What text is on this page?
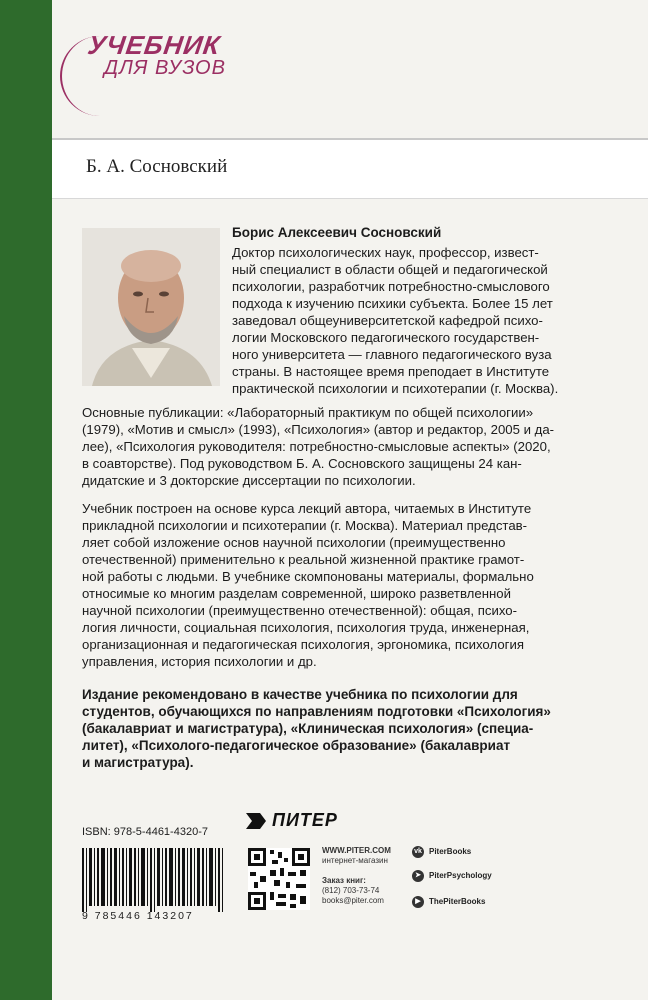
УЧЕБНИК
ДЛЯ ВУЗОВ
Б. А. Сосновский
Борис Алексеевич Сосновский
Доктор психологических наук, профессор, извест-
ный специалист в области общей и педагогической
психологии, разработчик потребностно-смыслового
подхода к изучению психики субъекта. Более 15 лет
заведовал общеуниверситетской кафедрой психо-
логии Московского педагогического государствен-
ного университета — главного педагогического вуза
страны. В настоящее время преподает в Институте
практической психологии и психотерапии (г. Москва).
Основные публикации: «Лабораторный практикум по общей психологии»
(1979), «Мотив и смысл» (1993), «Психология» (автор и редактор, 2005 и да-
лее), «Психология руководителя: потребностно-смысловые аспекты» (2020,
в соавторстве). Под руководством Б. А. Сосновского защищены 24 кан-
дидатские и 3 докторские диссертации по психологии.
Учебник построен на основе курса лекций автора, читаемых в Институте
прикладной психологии и психотерапии (г. Москва). Материал представ-
ляет собой изложение основ научной психологии (преимущественно
отечественной) применительно к реальной жизненной практике грамот-
ной работы с людьми. В учебнике скомпонованы материалы, формально
относимые ко многим разделам современной, широко разветвленной
научной психологии (преимущественно отечественной): общая, психо-
логия личности, социальная психология, психология труда, инженерная,
организационная и педагогическая психология, эргономика, психология
управления, история психологии и др.
Издание рекомендовано в качестве учебника по психологии для
студентов, обучающихся по направлениям подготовки «Психология»
(бакалавриат и магистратура), «Клиническая психология» (специа-
литет), «Психолого-педагогическое образование» (бакалавриат
и магистратура).
ISBN: 978-5-4461-4320-7
9 785446 143207
ПИТЕР
WWW.PITER.COM
интернет-магазин

Заказ книг:
(812) 703-73-74
books@piter.com
vk PiterBooks
➤ PiterPsychology
▶ ThePiterBooks
